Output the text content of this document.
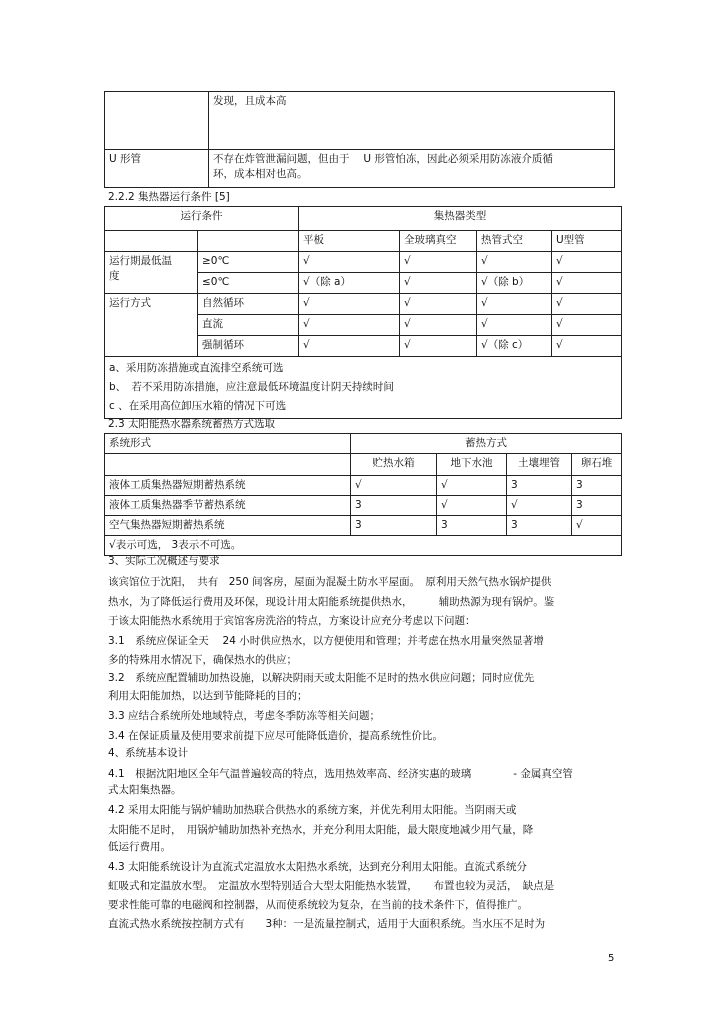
	发现，且成本高
U 形管	不存在炸管泄漏问题，但由于　 U 形管怕冻，因此必须采用防冻液介质循
环，成本相对也高。
2.2.2 集热器运行条件 [5]
运行条件		集热器类型			
		平板	全玻璃真空	热管式空	U型管

运行期最低温
度	≥0℃	√	√	√	√
	≤0℃	√（除 a）	√	√（除 b）	√
运行方式	自然循环	√	√	√	√
	直流	√	√	√	√
	强制循环	√	√	√（除 c）	√

a、采用防冻措施或直流排空系统可选
b、　若不采用防冻措施，应注意最低环境温度计阴天持续时间
c 、在采用高位卸压水箱的情况下可选					
2.3 太阳能热水器系统蓄热方式选取
系统形式	蓄热方式			
	贮热水箱	地下水池	土壤埋管	卵石堆
液体工质集热器短期蓄热系统	√	√	3	3
液体工质集热器季节蓄热系统	3	√	√	3
空气集热器短期蓄热系统	3	3	3	√
√表示可选， 3表示不可选。				
3、实际工况概述与要求
该宾馆位于沈阳，　共有　250 间客房，屋面为混凝土防水平屋面。　原利用天然气热水锅炉提供
热水，为了降低运行费用及环保，现设计用太阳能系统提供热水，　　　辅助热源为现有锅炉。鉴
于该太阳能热水系统用于宾馆客房洗浴的特点，方案设计应充分考虑以下问题：
3.1　系统应保证全天　 24 小时供应热水，以方便使用和管理；并考虑在热水用量突然显著增
多的特殊用水情况下，确保热水的供应；
3.2　系统应配置辅助加热设施，以解决阴雨天或太阳能不足时的热水供应问题；同时应优先
利用太阳能加热，以达到节能降耗的目的；
3.3 应结合系统所处地域特点，考虑冬季防冻等相关问题；
3.4 在保证质量及使用要求前提下应尽可能降低造价，提高系统性价比。
4、系统基本设计
4.1　根据沈阳地区全年气温普遍较高的特点，选用热效率高、经济实惠的玻璃　　　　- 金属真空管
式太阳集热器。
4.2 采用太阳能与锅炉辅助加热联合供热水的系统方案，并优先利用太阳能。当阴雨天或
太阳能不足时，　用锅炉辅助加热补充热水，并充分利用太阳能，最大限度地减少用气量，降
低运行费用。
4.3 太阳能系统设计为直流式定温放水太阳热水系统，达到充分利用太阳能。直流式系统分
虹吸式和定温放水型。　定温放水型特别适合大型太阳能热水装置，　　布置也较为灵活，　缺点是
要求性能可靠的电磁阀和控制器，从而使系统较为复杂，在当前的技术条件下，值得推广。
直流式热水系统按控制方式有　　3种：一是流量控制式，适用于大面积系统。当水压不足时为
5
